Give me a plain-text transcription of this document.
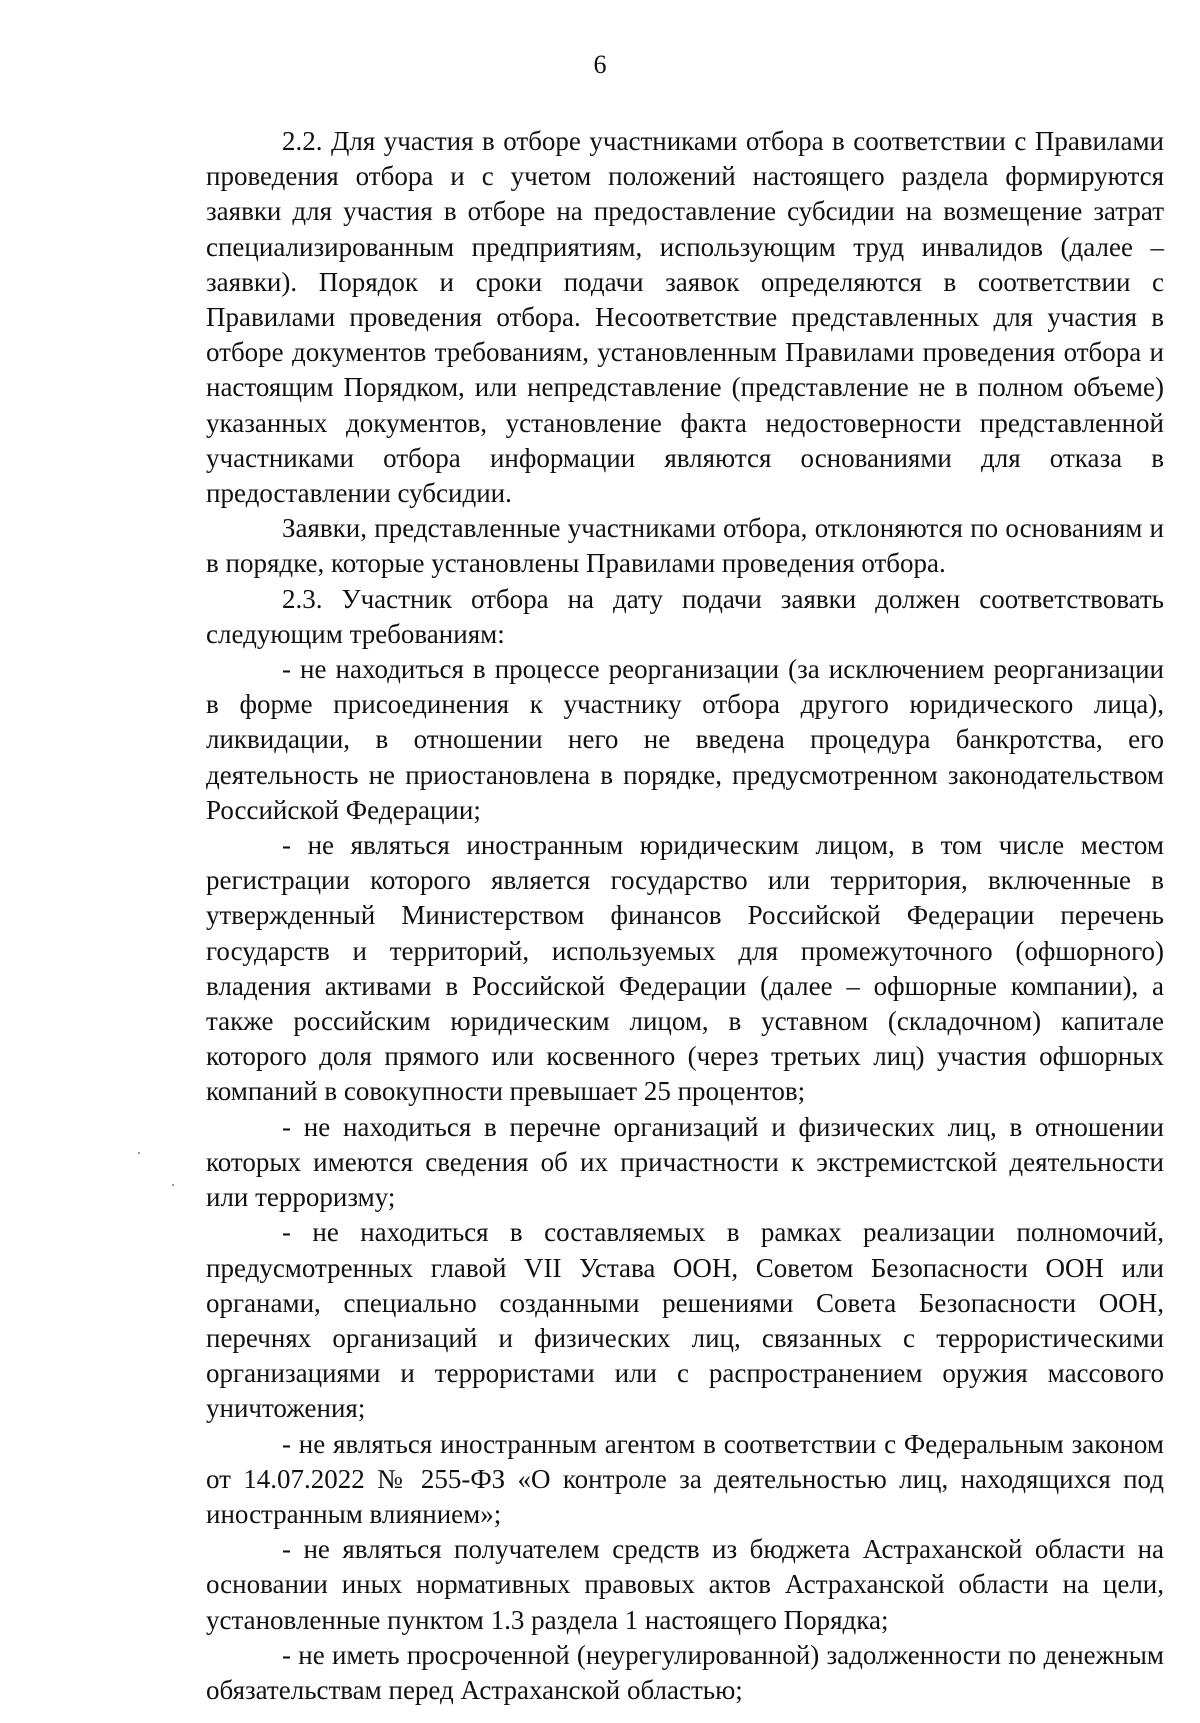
6

2.2. Для участия в отборе участниками отбора в соответствии с Правилами проведения отбора и с учетом положений настоящего раздела формируются заявки для участия в отборе на предоставление субсидии на возмещение затрат специализированным предприятиям, использующим труд инвалидов (далее – заявки). Порядок и сроки подачи заявок определяются в соответствии с Правилами проведения отбора. Несоответствие представленных для участия в отборе документов требованиям, установленным Правилами проведения отбора и настоящим Порядком, или непредставление (представление не в полном объеме) указанных документов, установление факта недостоверности представленной участниками отбора информации являются основаниями для отказа в предоставлении субсидии.

Заявки, представленные участниками отбора, отклоняются по основаниям и в порядке, которые установлены Правилами проведения отбора.

2.3. Участник отбора на дату подачи заявки должен соответствовать следующим требованиям:

- не находиться в процессе реорганизации (за исключением реорганизации в форме присоединения к участнику отбора другого юридического лица), ликвидации, в отношении него не введена процедура банкротства, его деятельность не приостановлена в порядке, предусмотренном законодательством Российской Федерации;

- не являться иностранным юридическим лицом, в том числе местом регистрации которого является государство или территория, включенные в утвержденный Министерством финансов Российской Федерации перечень государств и территорий, используемых для промежуточного (офшорного) владения активами в Российской Федерации (далее – офшорные компании), а также российским юридическим лицом, в уставном (складочном) капитале которого доля прямого или косвенного (через третьих лиц) участия офшорных компаний в совокупности превышает 25 процентов;

- не находиться в перечне организаций и физических лиц, в отношении которых имеются сведения об их причастности к экстремистской деятельности или терроризму;

- не находиться в составляемых в рамках реализации полномочий, предусмотренных главой VII Устава ООН, Советом Безопасности ООН или органами, специально созданными решениями Совета Безопасности ООН, перечнях организаций и физических лиц, связанных с террористическими организациями и террористами или с распространением оружия массового уничтожения;

- не являться иностранным агентом в соответствии с Федеральным законом от 14.07.2022 № 255-ФЗ «О контроле за деятельностью лиц, находящихся под иностранным влиянием»;

- не являться получателем средств из бюджета Астраханской области на основании иных нормативных правовых актов Астраханской области на цели, установленные пунктом 1.3 раздела 1 настоящего Порядка;

- не иметь просроченной (неурегулированной) задолженности по денежным обязательствам перед Астраханской областью;
